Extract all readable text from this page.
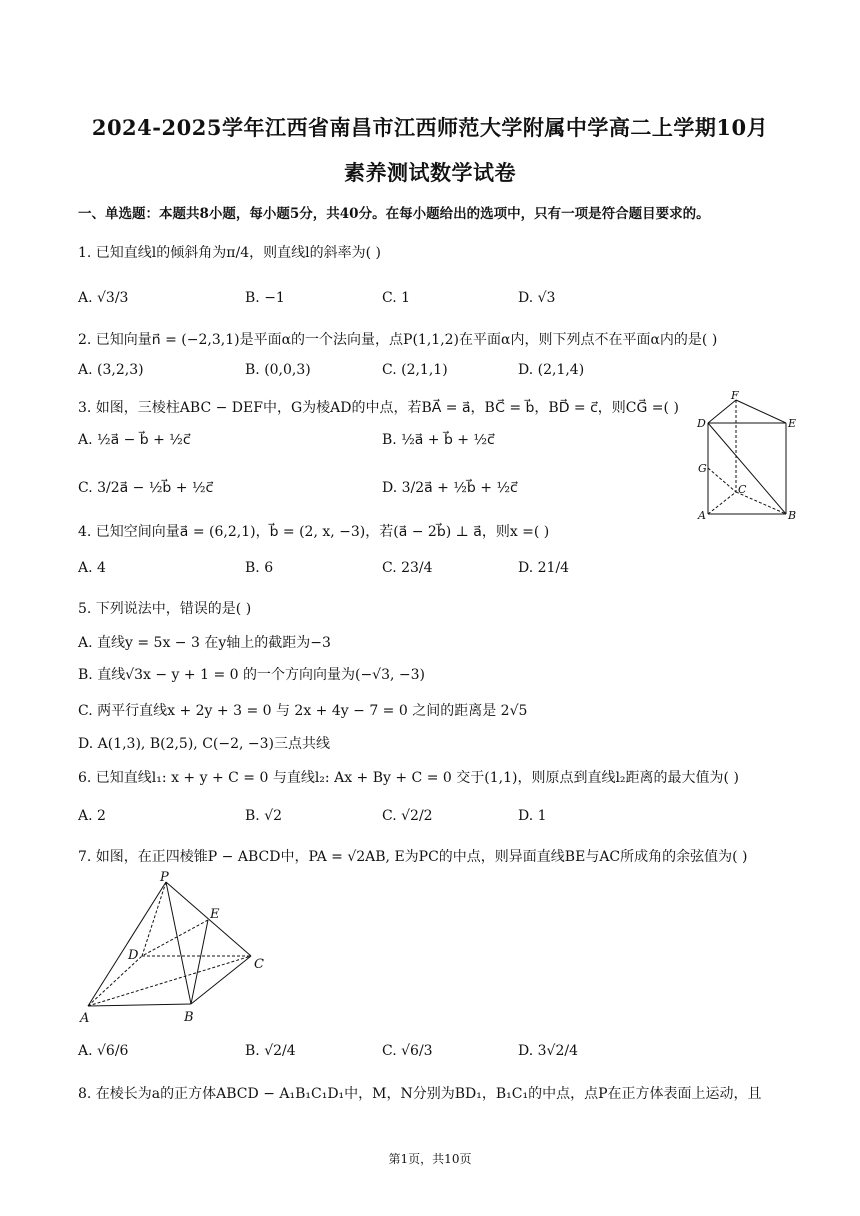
2024-2025学年江西省南昌市江西师范大学附属中学高二上学期10月
素养测试数学试卷
一、单选题：本题共8小题，每小题5分，共40分。在每小题给出的选项中，只有一项是符合题目要求的。
1. 已知直线l的倾斜角为π/4，则直线l的斜率为( )
A. √3/3	B. −1	C. 1	D. √3
2. 已知向量n⃗ = (−2,3,1)是平面α的一个法向量，点P(1,1,2)在平面α内，则下列点不在平面α内的是( )
A. (3,2,3)	B. (0,0,3)	C. (2,1,1)	D. (2,1,4)
3. 如图，三棱柱ABC − DEF中，G为棱AD的中点，若BA⃗ = a⃗，BC⃗ = b⃗，BD⃗ = c⃗，则CG⃗ =( )
A. ½a⃗ − b⃗ + ½c⃗	B. ½a⃗ + b⃗ + ½c⃗
C. 3/2a⃗ − ½b⃗ + ½c⃗	D. 3/2a⃗ + ½b⃗ + ½c⃗
F
D	E
G
C
A	B
4. 已知空间向量a⃗ = (6,2,1)，b⃗ = (2, x, −3)，若(a⃗ − 2b⃗) ⊥ a⃗，则x =( )
A. 4	B. 6	C. 23/4	D. 21/4
5. 下列说法中，错误的是( )
A. 直线y = 5x − 3 在y轴上的截距为−3
B. 直线√3x − y + 1 = 0 的一个方向向量为(−√3, −3)
C. 两平行直线x + 2y + 3 = 0 与 2x + 4y − 7 = 0 之间的距离是 2√5
D. A(1,3), B(2,5), C(−2, −3)三点共线
6. 已知直线l₁: x + y + C = 0 与直线l₂: Ax + By + C = 0 交于(1,1)，则原点到直线l₂距离的最大值为( )
A. 2	B. √2	C. √2/2	D. 1
7. 如图，在正四棱锥P − ABCD中，PA = √2AB, E为PC的中点，则异面直线BE与AC所成角的余弦值为( )
P
E
D
C
A	B
A. √6/6	B. √2/4	C. √6/3	D. 3√2/4
8. 在棱长为a的正方体ABCD − A₁B₁C₁D₁中，M，N分别为BD₁，B₁C₁的中点，点P在正方体表面上运动，且
第1页，共10页
